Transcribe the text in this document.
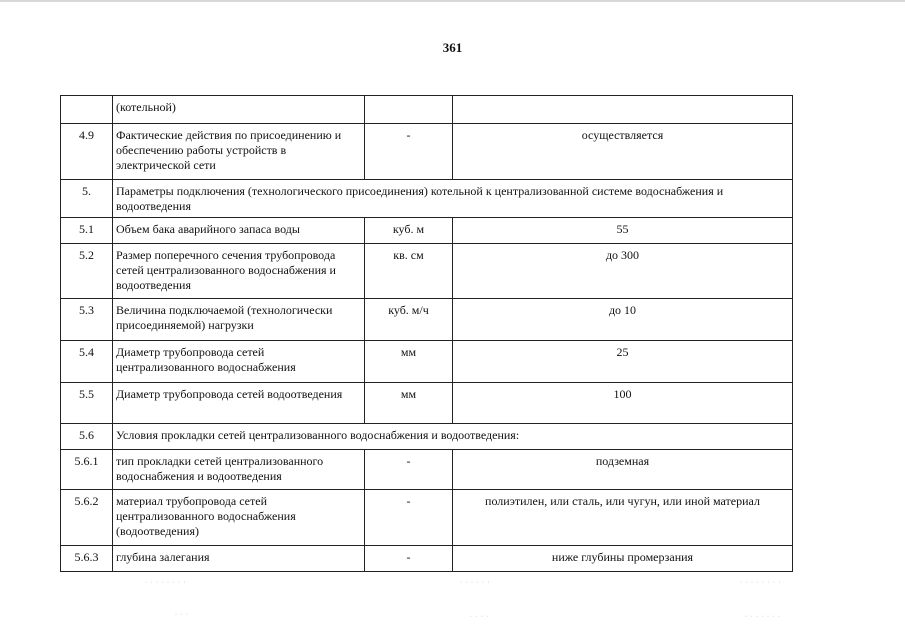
361
	(котельной)		
4.9	Фактические действия по присоединению и обеспечению работы устройств в электрической сети	-	осуществляется
5.	Параметры подключения (технологического присоединения) котельной к централизованной системе водоснабжения и водоотведения		
5.1	Объем бака аварийного запаса воды	куб. м	55
5.2	Размер поперечного сечения трубопровода сетей централизованного водоснабжения и водоотведения	кв. см	до 300
5.3	Величина подключаемой (технологически присоединяемой) нагрузки	куб. м/ч	до 10
5.4	Диаметр трубопровода сетей централизованного водоснабжения	мм	25
5.5	Диаметр трубопровода сетей водоотведения	мм	100
5.6	Условия прокладки сетей централизованного водоснабжения и водоотведения:		
5.6.1	тип прокладки сетей централизованного водоснабжения и водоотведения	-	подземная
5.6.2	материал трубопровода сетей централизованного водоснабжения (водоотведения)	-	полиэтилен, или сталь, или чугун, или иной материал
5.6.3	глубина залегания	-	ниже глубины промерзания
· · · · · · · ·	· · · · · ·	· · · · · · · ·
· · ·	· · · ·	· · · · · · ·
